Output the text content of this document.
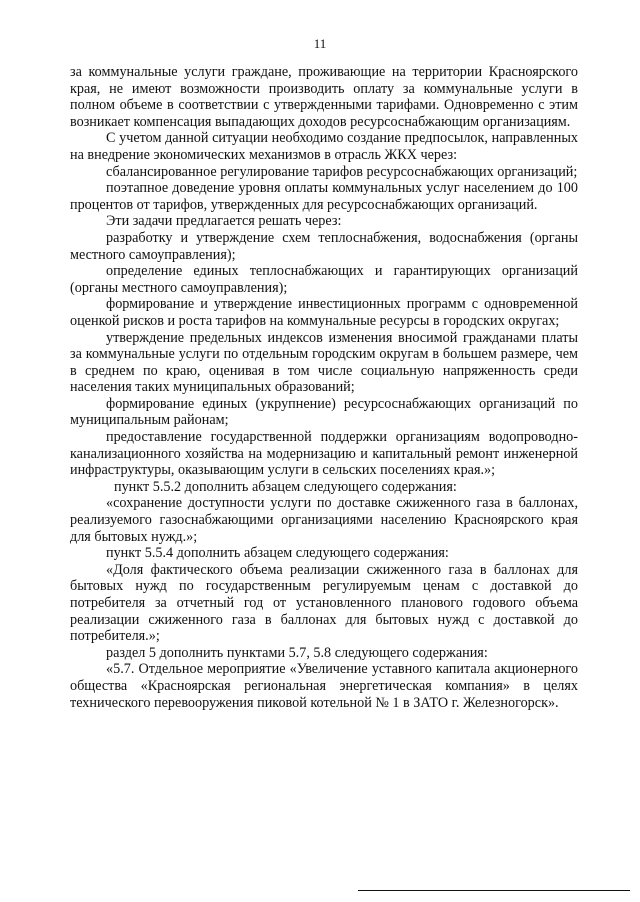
11

за коммунальные услуги граждане, проживающие на территории Красноярского края, не имеют возможности производить оплату за коммунальные услуги в полном объеме в соответствии с утвержденными тарифами. Одновременно с этим возникает компенсация выпадающих доходов ресурсоснабжающим организациям.

С учетом данной ситуации необходимо создание предпосылок, направленных на внедрение экономических механизмов в отрасль ЖКХ через:

сбалансированное регулирование тарифов ресурсоснабжающих организаций;

поэтапное доведение уровня оплаты коммунальных услуг населением до 100 процентов от тарифов, утвержденных для ресурсоснабжающих организаций.

Эти задачи предлагается решать через:

разработку и утверждение схем теплоснабжения, водоснабжения (органы местного самоуправления);

определение единых теплоснабжающих и гарантирующих организаций (органы местного самоуправления);

формирование и утверждение инвестиционных программ с одновременной оценкой рисков и роста тарифов на коммунальные ресурсы в городских округах;

утверждение предельных индексов изменения вносимой гражданами платы за коммунальные услуги по отдельным городским округам в большем размере, чем в среднем по краю, оценивая в том числе социальную напряженность среди населения таких муниципальных образований;

формирование единых (укрупнение) ресурсоснабжающих организаций по муниципальным районам;

предоставление государственной поддержки организациям водопроводно-канализационного хозяйства на модернизацию и капитальный ремонт инженерной инфраструктуры, оказывающим услуги в сельских поселениях края.»;

пункт 5.5.2 дополнить абзацем следующего содержания:

«сохранение доступности услуги по доставке сжиженного газа в баллонах, реализуемого газоснабжающими организациями населению Красноярского края для бытовых нужд.»;

пункт 5.5.4 дополнить абзацем следующего содержания:

«Доля фактического объема реализации сжиженного газа в баллонах для бытовых нужд по государственным регулируемым ценам с доставкой до потребителя за отчетный год от установленного планового годового объема реализации сжиженного газа в баллонах для бытовых нужд с доставкой до потребителя.»;

раздел 5 дополнить пунктами 5.7, 5.8 следующего содержания:

«5.7. Отдельное мероприятие «Увеличение уставного капитала акционерного общества «Красноярская региональная энергетическая компания» в целях технического перевооружения пиковой котельной № 1 в ЗАТО г. Железногорск».
